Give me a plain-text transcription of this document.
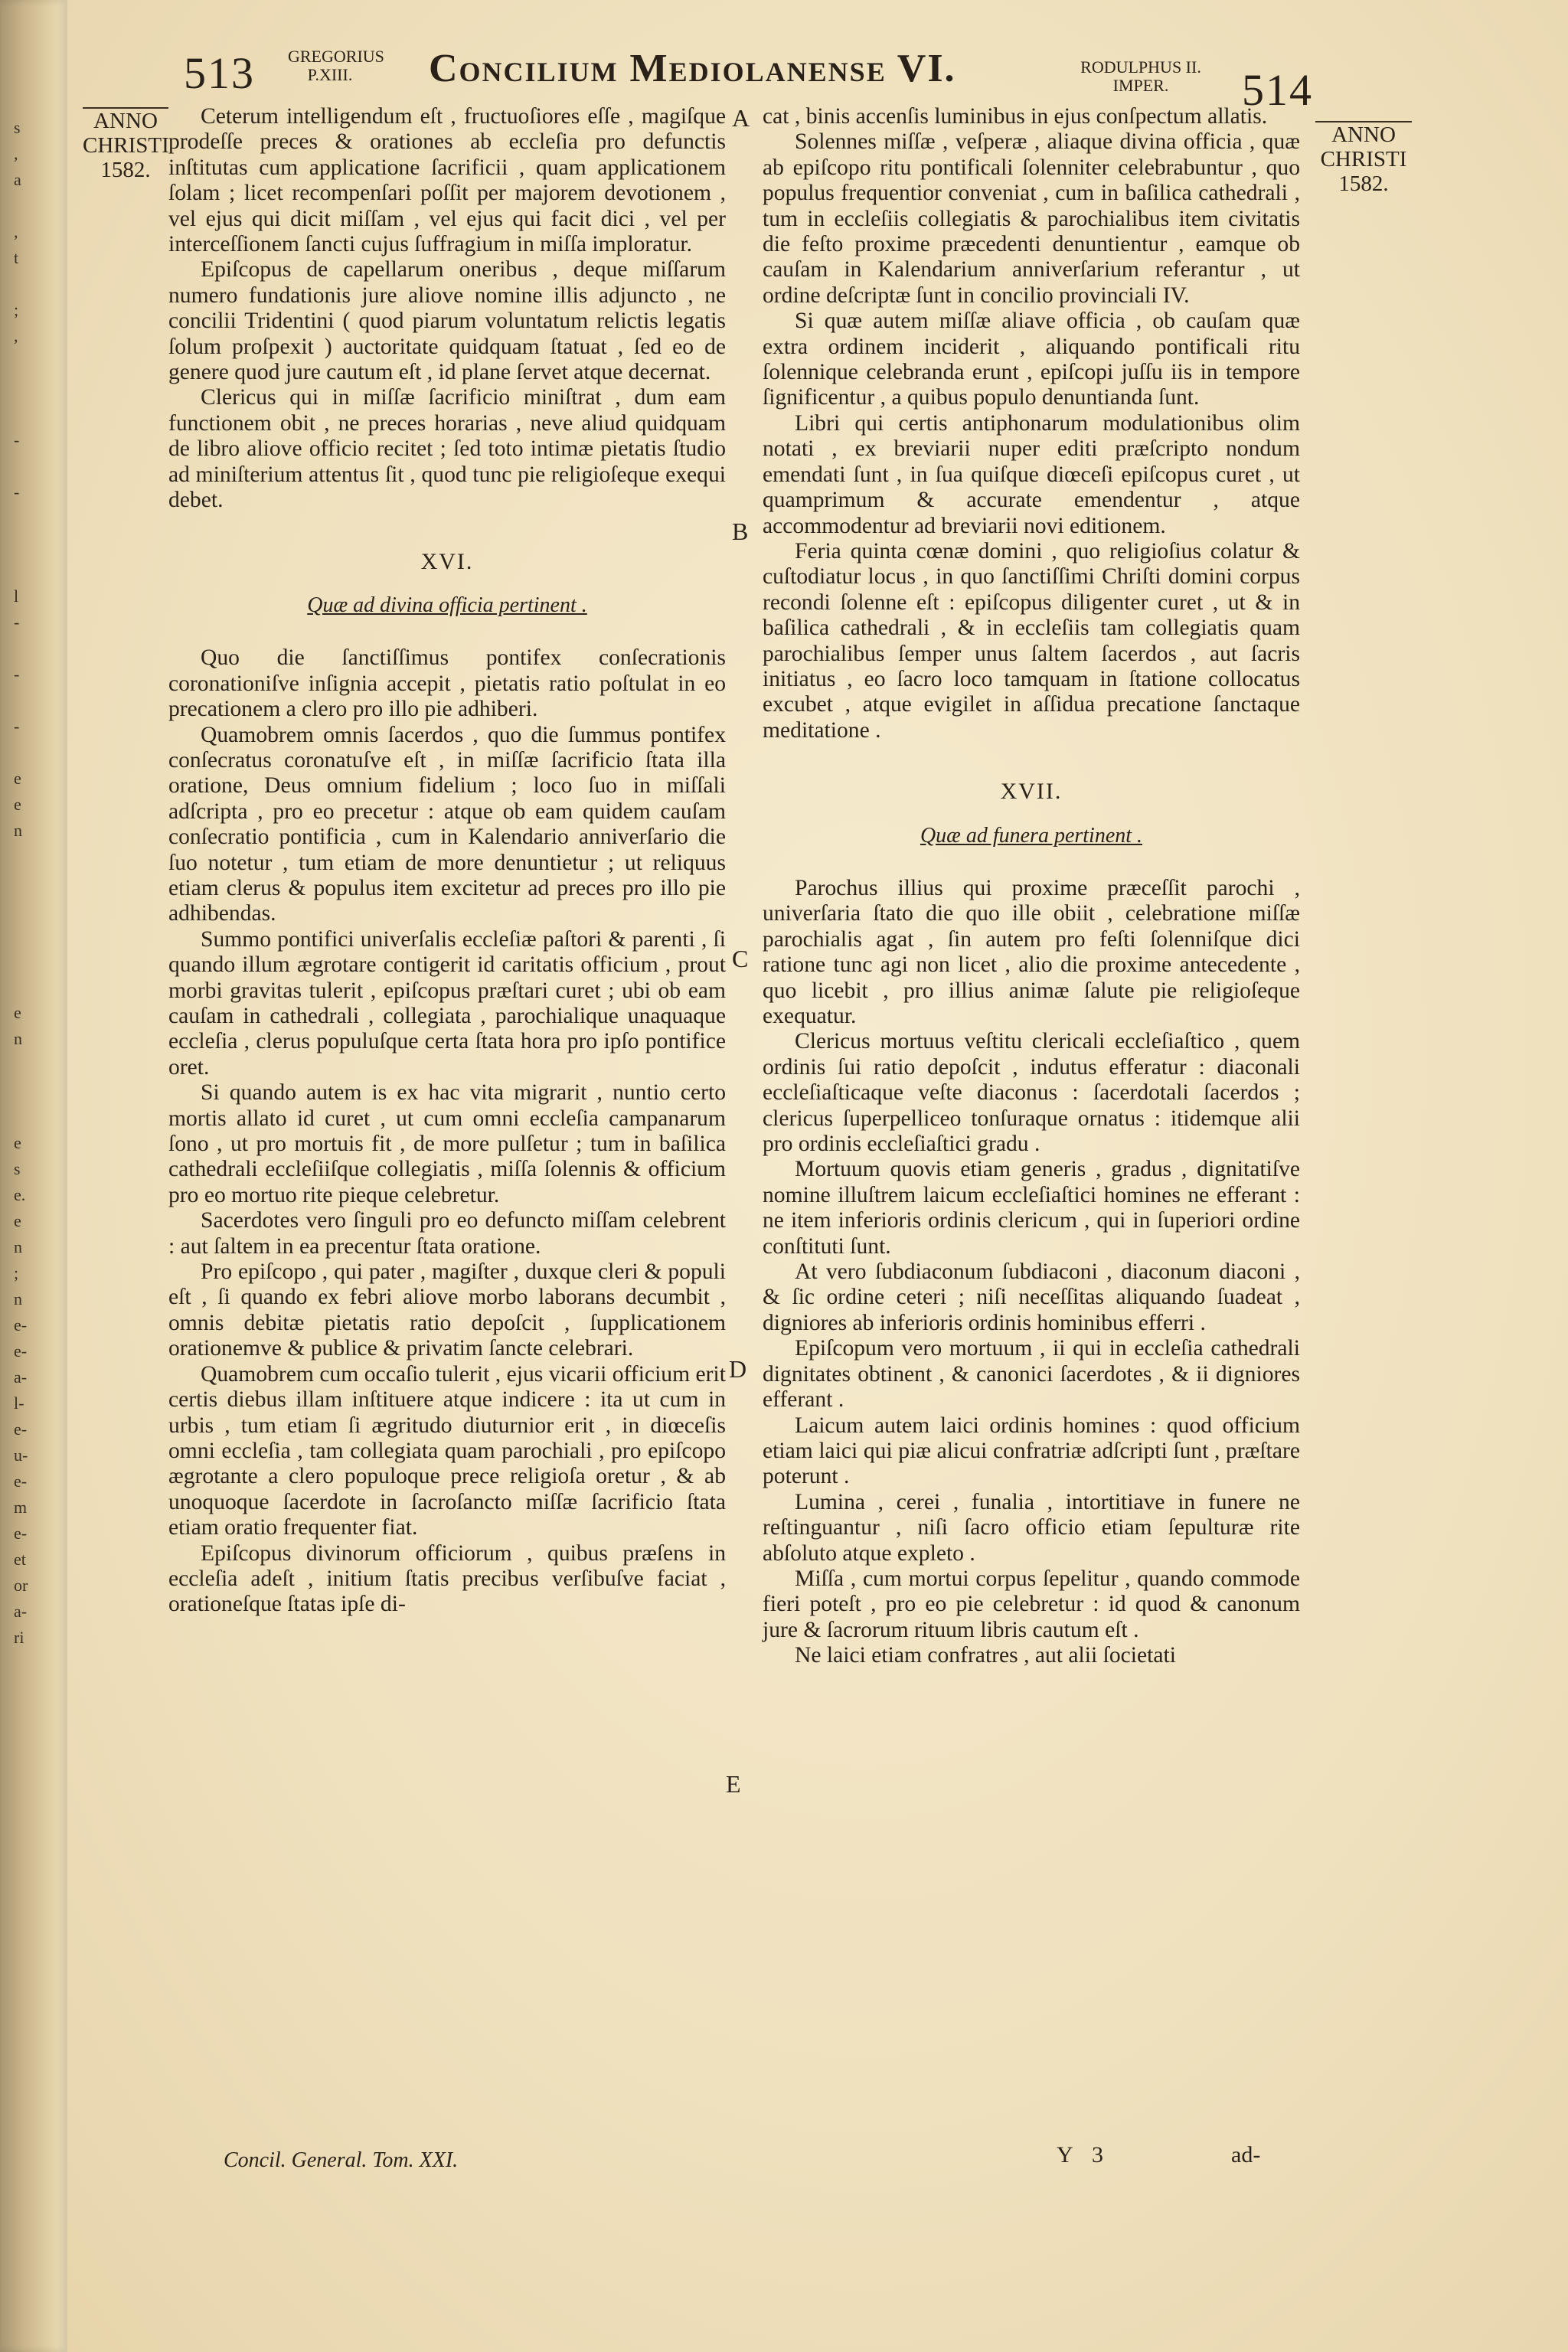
s
,
a

,
t

;
,

-

-

l
-

-

-

e
e
n

e
n

e
s
e.
e
n
;
n
e-
e-
a-
l-
e-
u-
e-
m
e-
et
or
a-
ri
513 GREGORIUS
P.XIII.	Concilium Mediolanense VI.	RODULPHUS II.
IMPER.	514
ANNO
CHRISTI
1582.
ANNO
CHRISTI
1582.
A
B
C
D
E

Ceterum intelligendum eſt , fructuoſiores eſſe , magiſque prodeſſe preces & orationes ab eccleſia pro defunctis inſtitutas cum applicatione ſacrificii , quam applicationem ſolam ; licet recompenſari poſſit per majorem devotionem , vel ejus qui dicit miſſam , vel ejus qui facit dici , vel per interceſſionem ſancti cujus ſuffragium in miſſa imploratur.

Epiſcopus de capellarum oneribus , deque miſſarum numero fundationis jure aliove nomine illis adjuncto , ne concilii Tridentini ( quod piarum voluntatum relictis legatis ſolum proſpexit ) auctoritate quidquam ſtatuat , ſed eo de genere quod jure cautum eſt , id plane ſervet atque decernat.

Clericus qui in miſſæ ſacrificio miniſtrat , dum eam functionem obit , ne preces horarias , neve aliud quidquam de libro aliove officio recitet ; ſed toto intimæ pietatis ſtudio ad miniſterium attentus ſit , quod tunc pie religioſeque exequi debet.

XVI.
Quæ ad divina officia pertinent .

Quo die ſanctiſſimus pontifex conſecrationis coronationiſve inſignia accepit , pietatis ratio poſtulat in eo precationem a clero pro illo pie adhiberi.

Quamobrem omnis ſacerdos , quo die ſummus pontifex conſecratus coronatuſve eſt , in miſſæ ſacrificio ſtata illa oratione, Deus omnium fidelium ; loco ſuo in miſſali adſcripta , pro eo precetur : atque ob eam quidem cauſam conſecratio pontificia , cum in Kalendario anniverſario die ſuo notetur , tum etiam de more denuntietur ; ut reliquus etiam clerus & populus item excitetur ad preces pro illo pie adhibendas.

Summo pontifici univerſalis eccleſiæ paſtori & parenti , ſi quando illum ægrotare contigerit id caritatis officium , prout morbi gravitas tulerit , epiſcopus præſtari curet ; ubi ob eam cauſam in cathedrali , collegiata , parochialique unaquaque eccleſia , clerus populuſque certa ſtata hora pro ipſo pontifice oret.

Si quando autem is ex hac vita migrarit , nuntio certo mortis allato id curet , ut cum omni eccleſia campanarum ſono , ut pro mortuis fit , de more pulſetur ; tum in baſilica cathedrali eccleſiiſque collegiatis , miſſa ſolennis & officium pro eo mortuo rite pieque celebretur.

Sacerdotes vero ſinguli pro eo defuncto miſſam celebrent : aut ſaltem in ea precentur ſtata oratione.

Pro epiſcopo , qui pater , magiſter , duxque cleri & populi eſt , ſi quando ex febri aliove morbo laborans decumbit , omnis debitæ pietatis ratio depoſcit , ſupplicationem orationemve & publice & privatim ſancte celebrari.

Quamobrem cum occaſio tulerit , ejus vicarii officium erit certis diebus illam inſtituere atque indicere : ita ut cum in urbis , tum etiam ſi ægritudo diuturnior erit , in diœceſis omni eccleſia , tam collegiata quam parochiali , pro epiſcopo ægrotante a clero populoque prece religioſa oretur , & ab unoquoque ſacerdote in ſacroſancto miſſæ ſacrificio ſtata etiam oratio frequenter fiat.

Epiſcopus divinorum officiorum , quibus præſens in eccleſia adeſt , initium ſtatis precibus verſibuſve faciat , orationeſque ſtatas ipſe di-

cat , binis accenſis luminibus in ejus conſpectum allatis.

Solennes miſſæ , veſperæ , aliaque divina officia , quæ ab epiſcopo ritu pontificali ſolenniter celebrabuntur , quo populus frequentior conveniat , cum in baſilica cathedrali , tum in eccleſiis collegiatis & parochialibus item civitatis die feſto proxime præcedenti denuntientur , eamque ob cauſam in Kalendarium anniverſarium referantur , ut ordine deſcriptæ ſunt in concilio provinciali IV.

Si quæ autem miſſæ aliave officia , ob cauſam quæ extra ordinem inciderit , aliquando pontificali ritu ſolennique celebranda erunt , epiſcopi juſſu iis in tempore ſignificentur , a quibus populo denuntianda ſunt.

Libri qui certis antiphonarum modulationibus olim notati , ex breviarii nuper editi præſcripto nondum emendati ſunt , in ſua quiſque diœceſi epiſcopus curet , ut quamprimum & accurate emendentur , atque accommodentur ad breviarii novi editionem.

Feria quinta cœnæ domini , quo religioſius colatur & cuſtodiatur locus , in quo ſanctiſſimi Chriſti domini corpus recondi ſolenne eſt : epiſcopus diligenter curet , ut & in baſilica cathedrali , & in eccleſiis tam collegiatis quam parochialibus ſemper unus ſaltem ſacerdos , aut ſacris initiatus , eo ſacro loco tamquam in ſtatione collocatus excubet , atque evigilet in aſſidua precatione ſanctaque meditatione .

XVII.
Quæ ad funera pertinent .

Parochus illius qui proxime præceſſit parochi , univerſaria ſtato die quo ille obiit , celebratione miſſæ parochialis agat , ſin autem pro feſti ſolenniſque dici ratione tunc agi non licet , alio die proxime antecedente , quo licebit , pro illius animæ ſalute pie religioſeque exequatur.

Clericus mortuus veſtitu clericali eccleſiaſtico , quem ordinis ſui ratio depoſcit , indutus efferatur : diaconali eccleſiaſticaque veſte diaconus : ſacerdotali ſacerdos ; clericus ſuperpelliceo tonſuraque ornatus : itidemque alii pro ordinis eccleſiaſtici gradu .

Mortuum quovis etiam generis , gradus , dignitatiſve nomine illuſtrem laicum eccleſiaſtici homines ne efferant : ne item inferioris ordinis clericum , qui in ſuperiori ordine conſtituti ſunt.

At vero ſubdiaconum ſubdiaconi , diaconum diaconi , & ſic ordine ceteri ; niſi neceſſitas aliquando ſuadeat , digniores ab inferioris ordinis hominibus efferri .

Epiſcopum vero mortuum , ii qui in eccleſia cathedrali dignitates obtinent , & canonici ſacerdotes , & ii digniores efferant .

Laicum autem laici ordinis homines : quod officium etiam laici qui piæ alicui confratriæ adſcripti ſunt , præſtare poterunt .

Lumina , cerei , funalia , intortitiave in funere ne reſtinguantur , niſi ſacro officio etiam ſepulturæ rite abſoluto atque expleto .

Miſſa , cum mortui corpus ſepelitur , quando commode fieri poteſt , pro eo pie celebretur : id quod & canonum jure & ſacrorum rituum libris cautum eſt .

Ne laici etiam confratres , aut alii ſocietati

Concil. General. Tom. XXI.	Y 3	ad-
